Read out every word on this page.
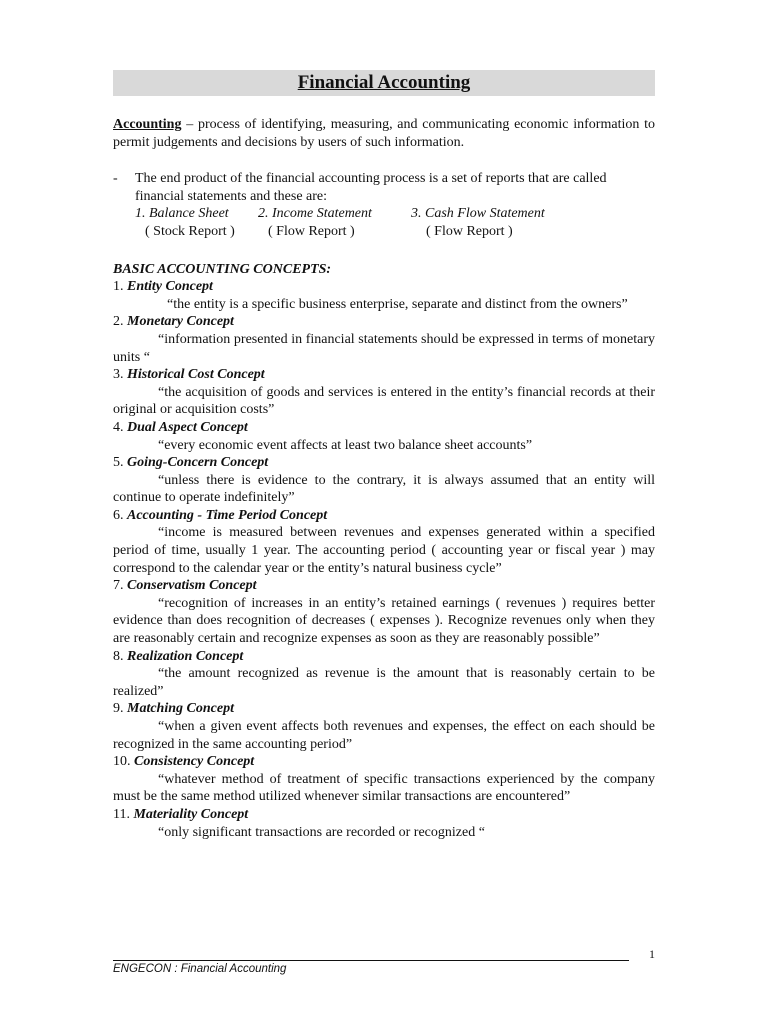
Financial Accounting

Accounting – process of identifying, measuring, and communicating economic information to permit judgements and decisions by users of such information.

- The end product of the financial accounting process is a set of reports that are called financial statements and these are:
1. Balance Sheet	2. Income Statement	3. Cash Flow Statement
( Stock Report )	( Flow Report )	( Flow Report )
BASIC ACCOUNTING CONCEPTS:
1. Entity Concept
“the entity is a specific business enterprise, separate and distinct from the owners”
2. Monetary Concept
“information presented in financial statements should be expressed in terms of monetary units “
3. Historical Cost Concept
“the acquisition of goods and services is entered in the entity’s financial records at their original or acquisition costs”
4. Dual Aspect Concept
“every economic event affects at least two balance sheet accounts”
5. Going-Concern Concept
“unless there is evidence to the contrary, it is always assumed that an entity will continue to operate indefinitely”
6. Accounting - Time Period Concept
“income is measured between revenues and expenses generated within a specified period of time, usually 1 year. The accounting period ( accounting year or fiscal year ) may correspond to the calendar year or the entity’s natural business cycle”
7. Conservatism Concept
“recognition of increases in an entity’s retained earnings ( revenues ) requires better evidence than does recognition of decreases ( expenses ). Recognize revenues only when they are reasonably certain and recognize expenses as soon as they are reasonably possible”
8. Realization Concept
“the amount recognized as revenue is the amount that is reasonably certain to be realized”
9. Matching Concept
“when a given event affects both revenues and expenses, the effect on each should be recognized in the same accounting period”
10. Consistency Concept
“whatever method of treatment of specific transactions experienced by the company must be the same method utilized whenever similar transactions are encountered”
11. Materiality Concept
“only significant transactions are recorded or recognized “
1
ENGECON : Financial Accounting
